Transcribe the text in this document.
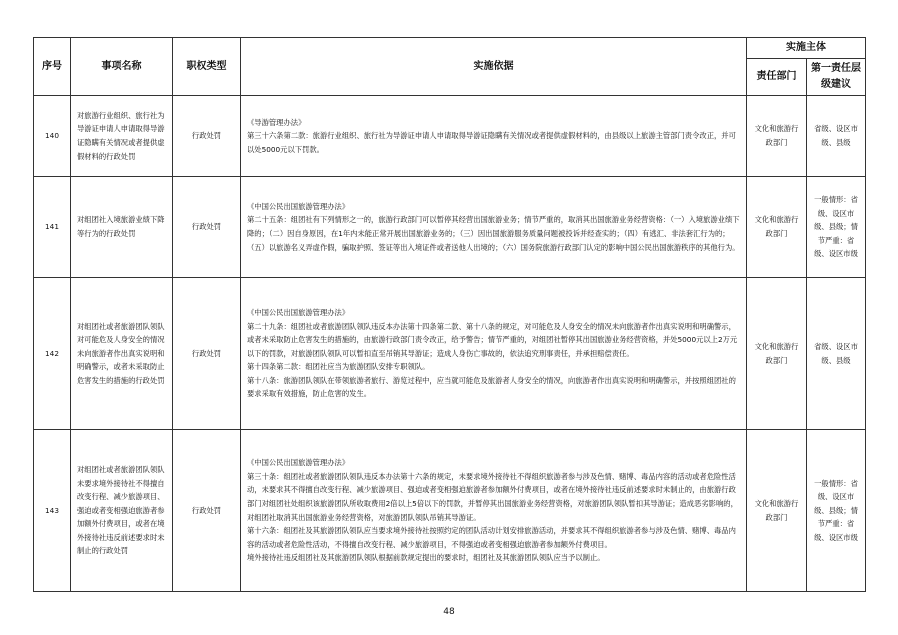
序号	事项名称	职权类型	实施依据	实施主体	
				责任部门	第一责任层级建议
140	对旅游行业组织、旅行社为导游证申请人申请取得导游证隐瞒有关情况或者提供虚假材料的行政处罚	行政处罚	《导游管理办法》

第三十六条第二款：旅游行业组织、旅行社为导游证申请人申请取得导游证隐瞒有关情况或者提供虚假材料的，由县级以上旅游主管部门责令改正，并可以处5000元以下罚款。	文化和旅游行政部门	省级、设区市级、县级
141	对组团社入境旅游业绩下降等行为的行政处罚	行政处罚	《中国公民出国旅游管理办法》

第二十五条：组团社有下列情形之一的，旅游行政部门可以暂停其经营出国旅游业务；情节严重的，取消其出国旅游业务经营资格：（一）入境旅游业绩下降的；（二）因自身原因，在1年内未能正常开展出国旅游业务的；（三）因出国旅游服务质量问题被投诉并经查实的；（四）有逃汇、非法套汇行为的；（五）以旅游名义弄虚作假，骗取护照、签证等出入境证件或者送他人出境的；（六）国务院旅游行政部门认定的影响中国公民出国旅游秩序的其他行为。	文化和旅游行政部门	一般情形：省级、设区市级、县级；情节严重：省级、设区市级
142	对组团社或者旅游团队领队对可能危及人身安全的情况未向旅游者作出真实说明和明确警示，或者未采取防止危害发生的措施的行政处罚	行政处罚	《中国公民出国旅游管理办法》

第二十九条：组团社或者旅游团队领队违反本办法第十四条第二款、第十八条的规定，对可能危及人身安全的情况未向旅游者作出真实说明和明确警示，或者未采取防止危害发生的措施的，由旅游行政部门责令改正，给予警告；情节严重的，对组团社暂停其出国旅游业务经营资格，并处5000元以上2万元以下的罚款，对旅游团队领队可以暂扣直至吊销其导游证；造成人身伤亡事故的，依法追究刑事责任，并承担赔偿责任。

第十四条第二款：组团社应当为旅游团队安排专职领队。

第十八条：旅游团队领队在带领旅游者旅行、游览过程中，应当就可能危及旅游者人身安全的情况，向旅游者作出真实说明和明确警示，并按照组团社的要求采取有效措施，防止危害的发生。	文化和旅游行政部门	省级、设区市级、县级
143	对组团社或者旅游团队领队未要求境外接待社不得擅自改变行程、减少旅游项目、强迫或者变相强迫旅游者参加额外付费项目，或者在境外接待社违反前述要求时未制止的行政处罚	行政处罚	《中国公民出国旅游管理办法》

第三十条：组团社或者旅游团队领队违反本办法第十六条的规定，未要求境外接待社不得组织旅游者参与涉及色情、赌博、毒品内容的活动或者危险性活动，未要求其不得擅自改变行程、减少旅游项目、强迫或者变相强迫旅游者参加额外付费项目，或者在境外接待社违反前述要求时未制止的，由旅游行政部门对组团社处组织该旅游团队所收取费用2倍以上5倍以下的罚款，并暂停其出国旅游业务经营资格，对旅游团队领队暂扣其导游证；造成恶劣影响的，对组团社取消其出国旅游业务经营资格，对旅游团队领队吊销其导游证。

第十六条：组团社及其旅游团队领队应当要求境外接待社按照约定的团队活动计划安排旅游活动，并要求其不得组织旅游者参与涉及色情、赌博、毒品内容的活动或者危险性活动，不得擅自改变行程、减少旅游项目，不得强迫或者变相强迫旅游者参加额外付费项目。

境外接待社违反组团社及其旅游团队领队根据前款规定提出的要求时，组团社及其旅游团队领队应当予以制止。	文化和旅游行政部门	一般情形：省级、设区市级、县级；情节严重：省级、设区市级
48
